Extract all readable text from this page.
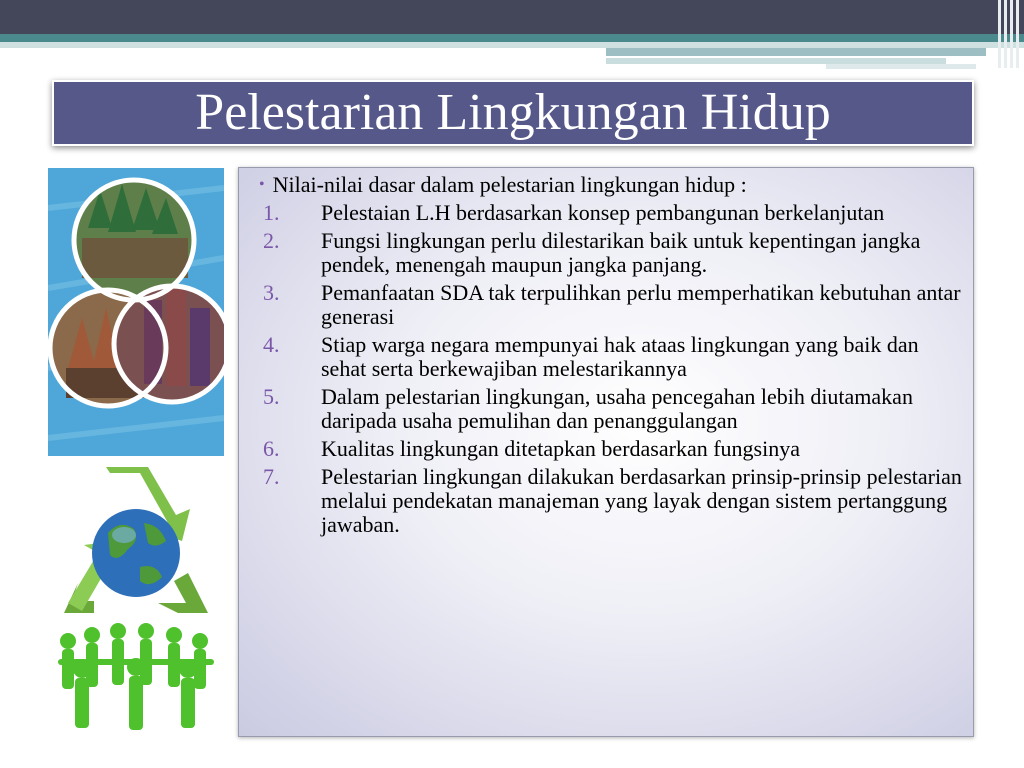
Pelestarian Lingkungan Hidup
• Nilai-nilai dasar dalam pelestarian lingkungan hidup :
1. Pelestaian L.H berdasarkan konsep pembangunan berkelanjutan
2. Fungsi lingkungan perlu dilestarikan baik untuk kepentingan jangka pendek, menengah maupun jangka panjang.
3. Pemanfaatan SDA tak terpulihkan perlu memperhatikan kebutuhan antar generasi
4. Stiap warga negara mempunyai hak ataas lingkungan yang baik dan sehat serta berkewajiban melestarikannya
5. Dalam pelestarian lingkungan, usaha pencegahan lebih diutamakan daripada usaha pemulihan dan penanggulangan
6. Kualitas lingkungan ditetapkan berdasarkan fungsinya
7. Pelestarian lingkungan dilakukan berdasarkan prinsip-prinsip pelestarian melalui pendekatan manajeman yang layak dengan sistem pertanggung jawaban.
